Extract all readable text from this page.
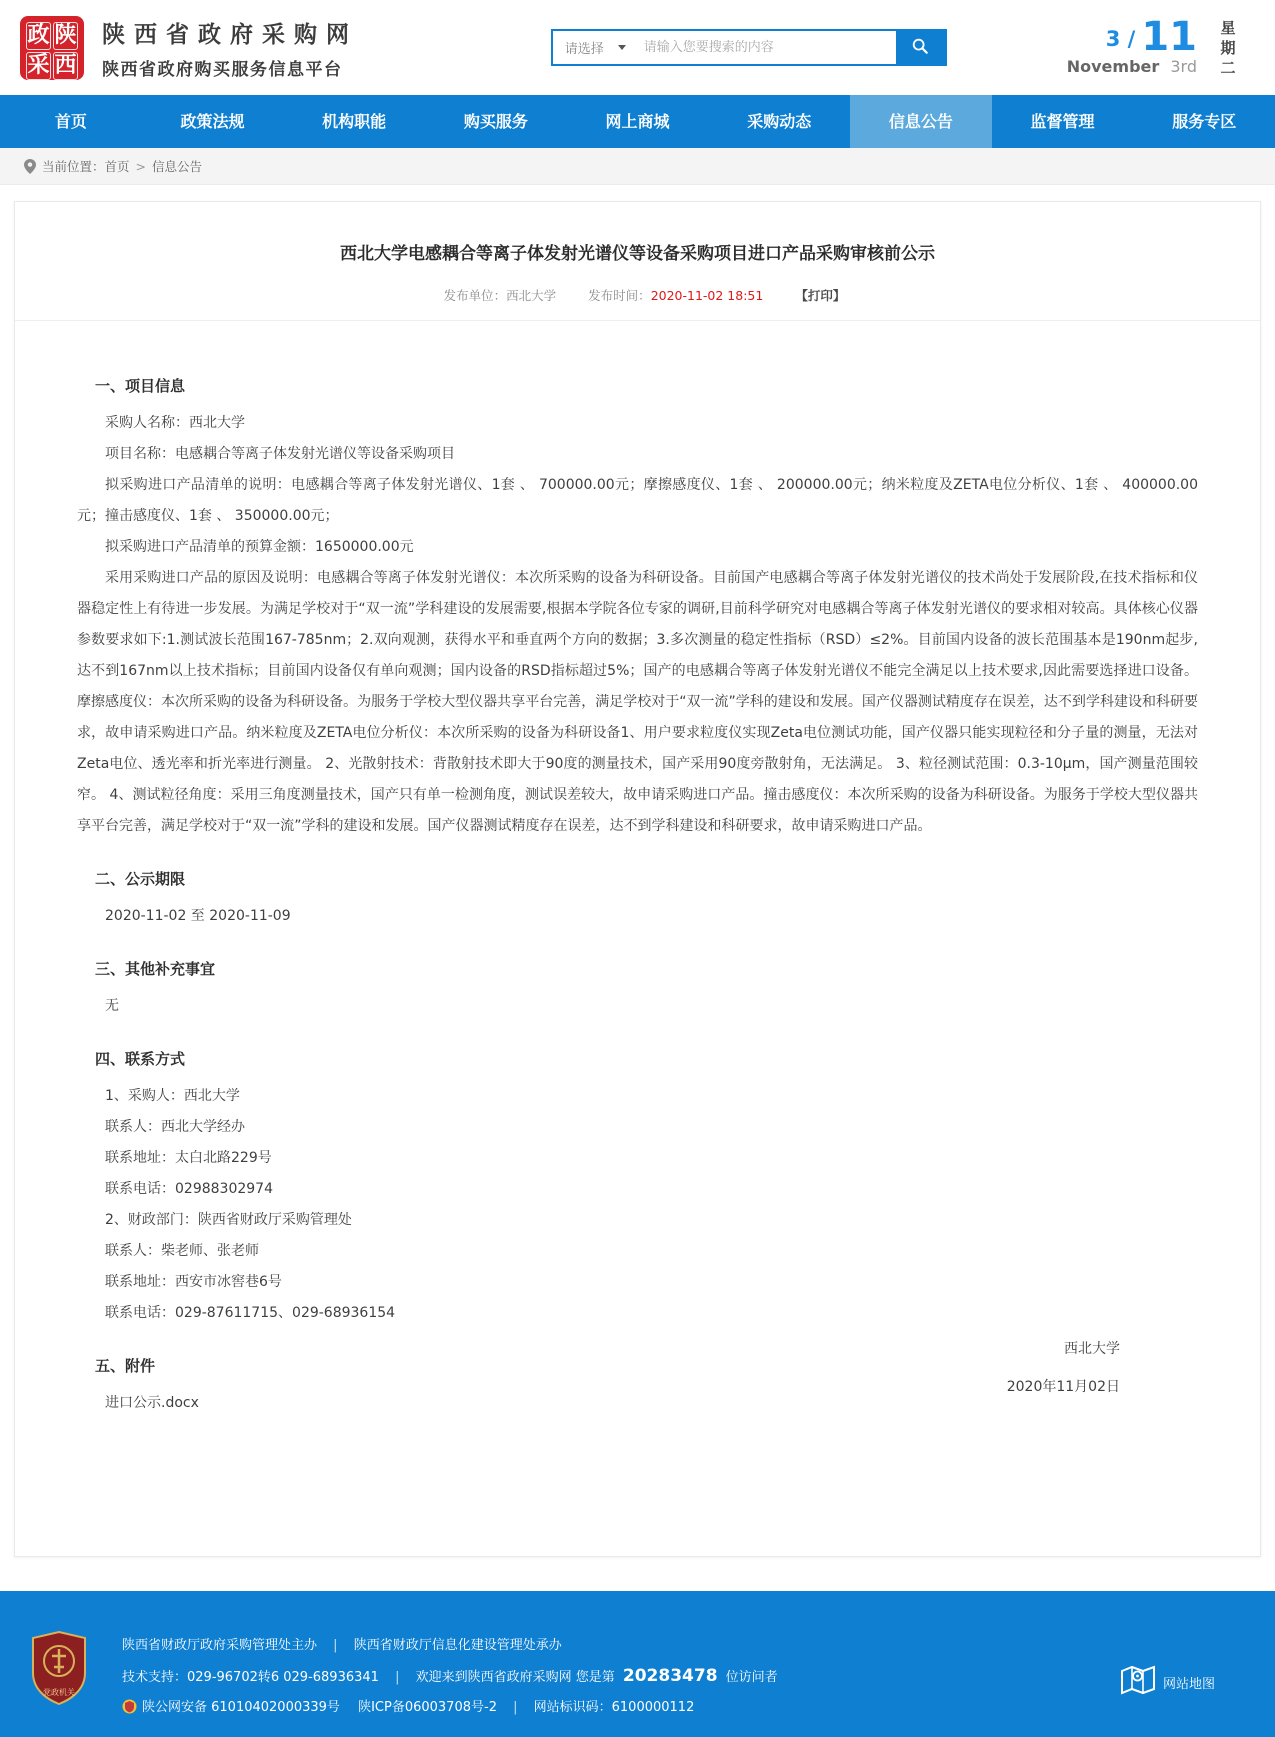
政 陕
采 西
陕西省政府采购网
陕西省政府购买服务信息平台
请选择
请输入您要搜索的内容	3 / 11
November 3rd
星
期
二
首页	政策法规	机构职能	购买服务	网上商城	采购动态	信息公告	监督管理	服务专区
当前位置： 首页 > 信息公告
西北大学电感耦合等离子体发射光谱仪等设备采购项目进口产品采购审核前公示
发布单位：西北大学	发布时间：2020-11-02 18:51	【打印】
一、项目信息

采购人名称：西北大学

项目名称：电感耦合等离子体发射光谱仪等设备采购项目

拟采购进口产品清单的说明：电感耦合等离子体发射光谱仪、1套 、 700000.00元；摩擦感度仪、1套 、 200000.00元；纳米粒度及ZETA电位分析仪、1套 、 400000.00元；撞击感度仪、1套 、 350000.00元；

拟采购进口产品清单的预算金额：1650000.00元

采用采购进口产品的原因及说明：电感耦合等离子体发射光谱仪：本次所采购的设备为科研设备。目前国产电感耦合等离子体发射光谱仪的技术尚处于发展阶段,在技术指标和仪器稳定性上有待进一步发展。为满足学校对于“双一流”学科建设的发展需要,根据本学院各位专家的调研,目前科学研究对电感耦合等离子体发射光谱仪的要求相对较高。具体核心仪器参数要求如下:1.测试波长范围167-785nm；2.双向观测，获得水平和垂直两个方向的数据；3.多次测量的稳定性指标（RSD）≤2%。目前国内设备的波长范围基本是190nm起步,达不到167nm以上技术指标；目前国内设备仅有单向观测；国内设备的RSD指标超过5%；国产的电感耦合等离子体发射光谱仪不能完全满足以上技术要求,因此需要选择进口设备。摩擦感度仪：本次所采购的设备为科研设备。为服务于学校大型仪器共享平台完善，满足学校对于“双一流”学科的建设和发展。国产仪器测试精度存在误差，达不到学科建设和科研要求，故申请采购进口产品。纳米粒度及ZETA电位分析仪：本次所采购的设备为科研设备1、用户要求粒度仪实现Zeta电位测试功能，国产仪器只能实现粒径和分子量的测量，无法对Zeta电位、透光率和折光率进行测量。 2、光散射技术：背散射技术即大于90度的测量技术，国产采用90度旁散射角，无法满足。 3、粒径测试范围：0.3-10μm，国产测量范围较窄。 4、测试粒径角度：采用三角度测量技术，国产只有单一检测角度，测试误差较大，故申请采购进口产品。撞击感度仪：本次所采购的设备为科研设备。为服务于学校大型仪器共享平台完善，满足学校对于“双一流”学科的建设和发展。国产仪器测试精度存在误差，达不到学科建设和科研要求，故申请采购进口产品。

二、公示期限

2020-11-02 至 2020-11-09

三、其他补充事宜

无

四、联系方式

1、采购人：西北大学

联系人：西北大学经办

联系地址：太白北路229号

联系电话：02988302974

2、财政部门：陕西省财政厅采购管理处

联系人：柴老师、张老师

联系地址：西安市冰窖巷6号

联系电话：029-87611715、029-68936154

五、附件

进口公示.docx

西北大学
2020年11月02日
党政机关
陕西省财政厅政府采购管理处主办 | 陕西省财政厅信息化建设管理处承办
技术支持：029-96702转6 029-68936341 | 欢迎来到陕西省政府采购网 您是第 20283478 位访问者
陕公网安备 61010402000339号 陕ICP备06003708号-2 | 网站标识码：6100000112
网站地图
